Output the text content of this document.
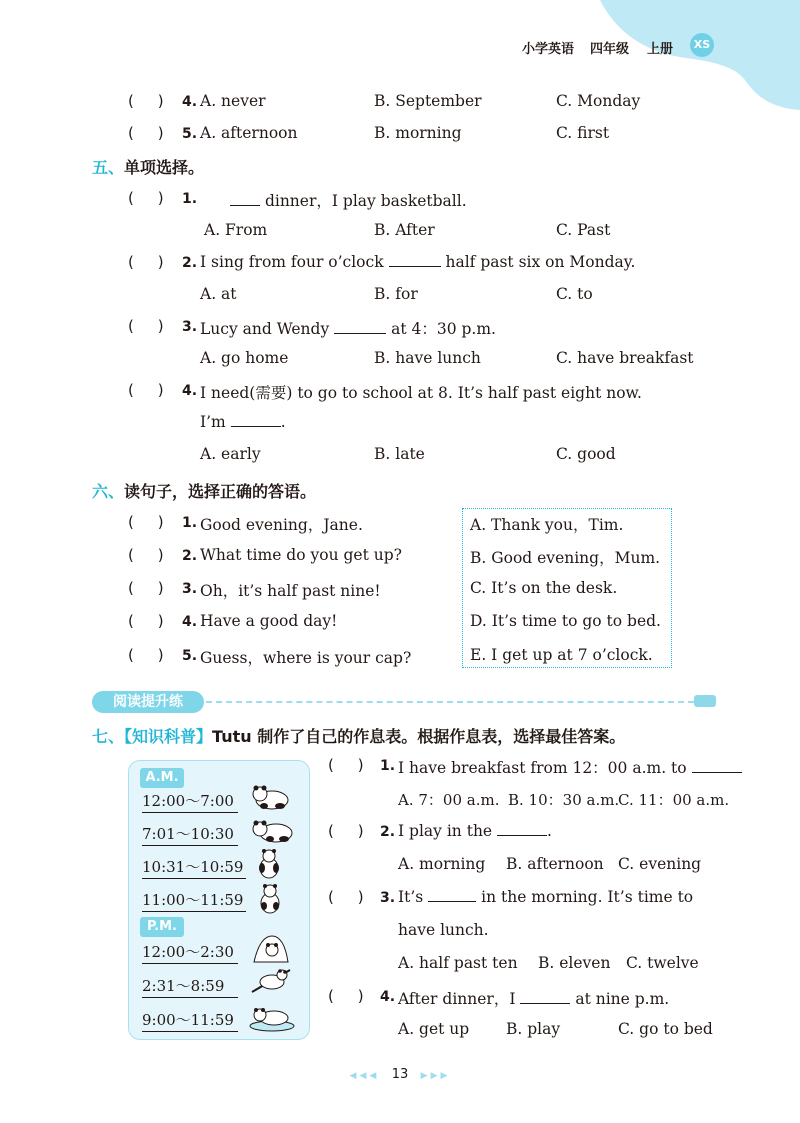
小学英语 四年级 上册	XS
(     ) 4. A. never	B. September	C. Monday
(     ) 5. A. afternoon	B. morning	C. first
五、单项选择。
(     ) 1.	dinner，I play basketball.
A. From	B. After	C. Past
(     ) 2. I sing from four o’clock	half past six on Monday.
A. at	B. for	C. to
(     ) 3. Lucy and Wendy	at 4：30 p.m.
A. go home	B. have lunch	C. have breakfast
(     ) 4. I need(需要) to go to school at 8. It’s half past eight now.
I’m	.
A. early	B. late	C. good
六、读句子，选择正确的答语。
(     ) 1. Good evening，Jane.
(     ) 2. What time do you get up?
(     ) 3. Oh，it’s half past nine!
(     ) 4. Have a good day!
(     ) 5. Guess，where is your cap?
A. Thank you，Tim.
B. Good evening，Mum.
C. It’s on the desk.
D. It’s time to go to bed.
E. I get up at 7 o’clock.
阅读提升练
七、【知识科普】Tutu 制作了自己的作息表。根据作息表，选择最佳答案。
A.M.
12:00～7:00
7:01～10:30
10:31～10:59
11:00～11:59
P.M.
12:00～2:30
2:31～8:59
9:00～11:59
(     ) 1. I have breakfast from 12：00 a.m. to
A. 7：00 a.m. B. 10：30 a.m.
C. 11：00 a.m.
(     ) 2. I play in the	.
A. morning B. afternoon C. evening
(     ) 3. It’s	in the morning. It’s time to
have lunch.
A. half past ten B. eleven C. twelve
(     ) 4. After dinner，I	at nine p.m.
A. get up B. play	C. go to bed
◀◀◀ 13 ▶▶▶
